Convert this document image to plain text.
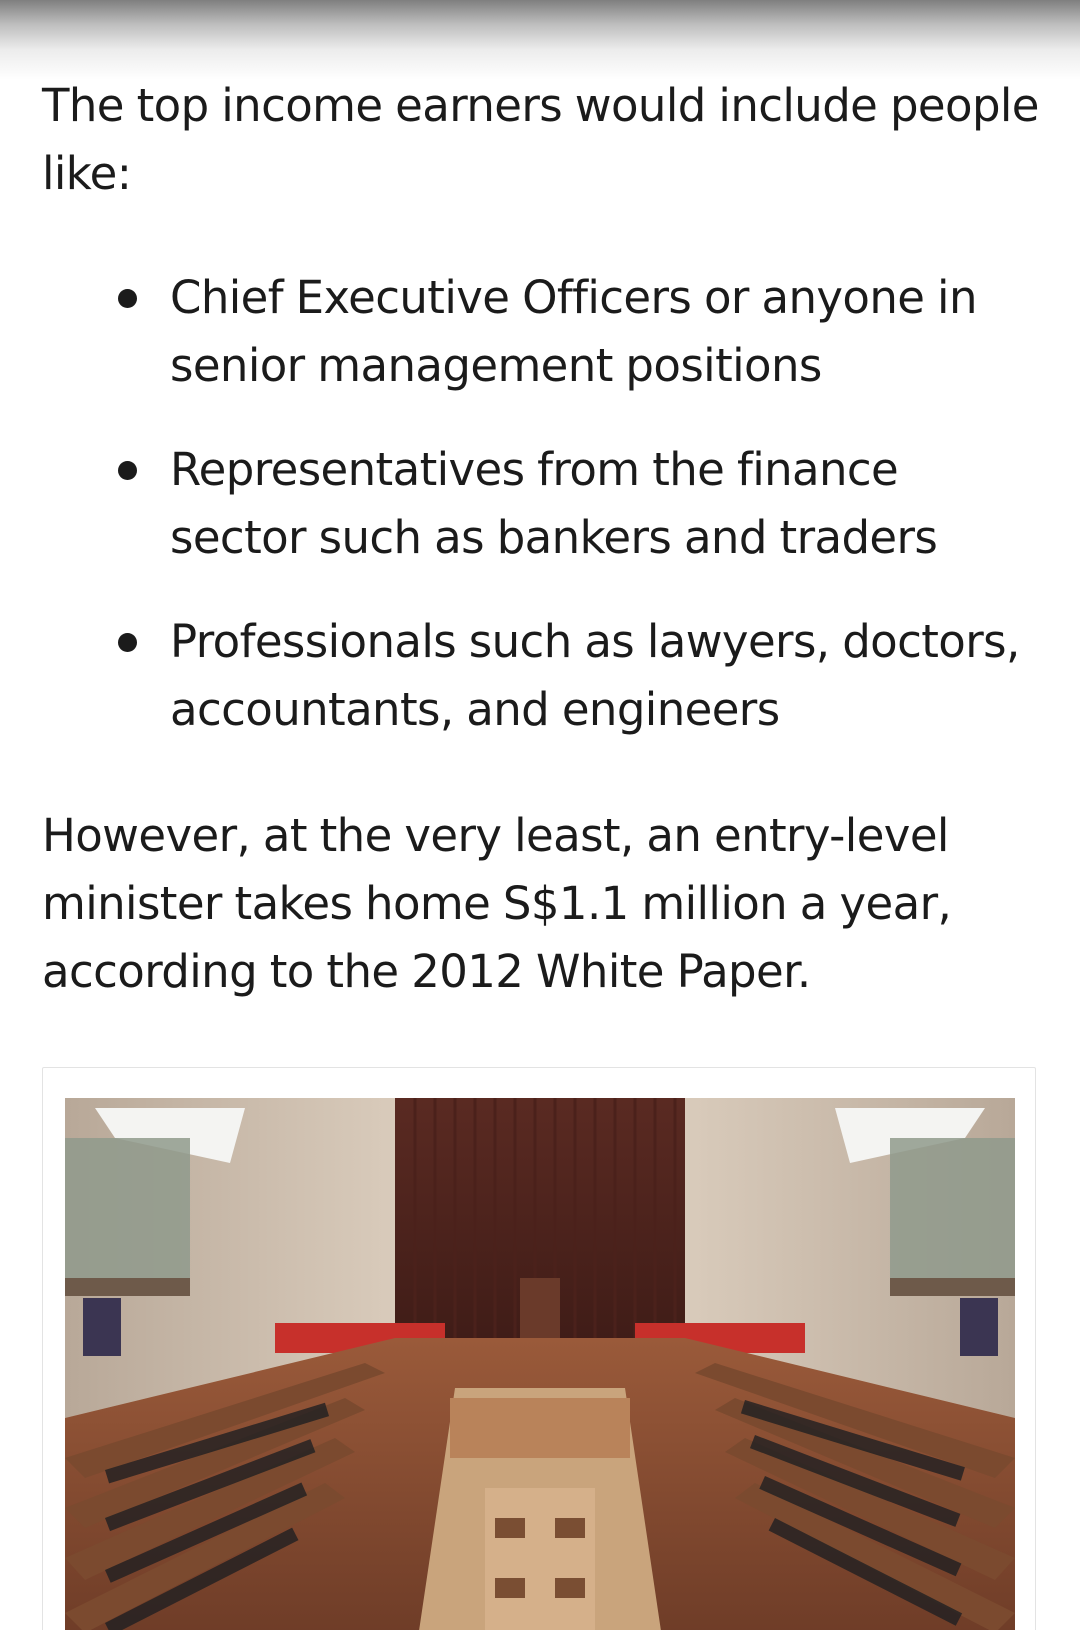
The top income earners would include people like:

Chief Executive Officers or anyone in senior management positions
Representatives from the finance sector such as bankers and traders
Professionals such as lawyers, doctors, accountants, and engineers

However, at the very least, an entry-level minister takes home S$1.1 million a year, according to the 2012 White Paper.
